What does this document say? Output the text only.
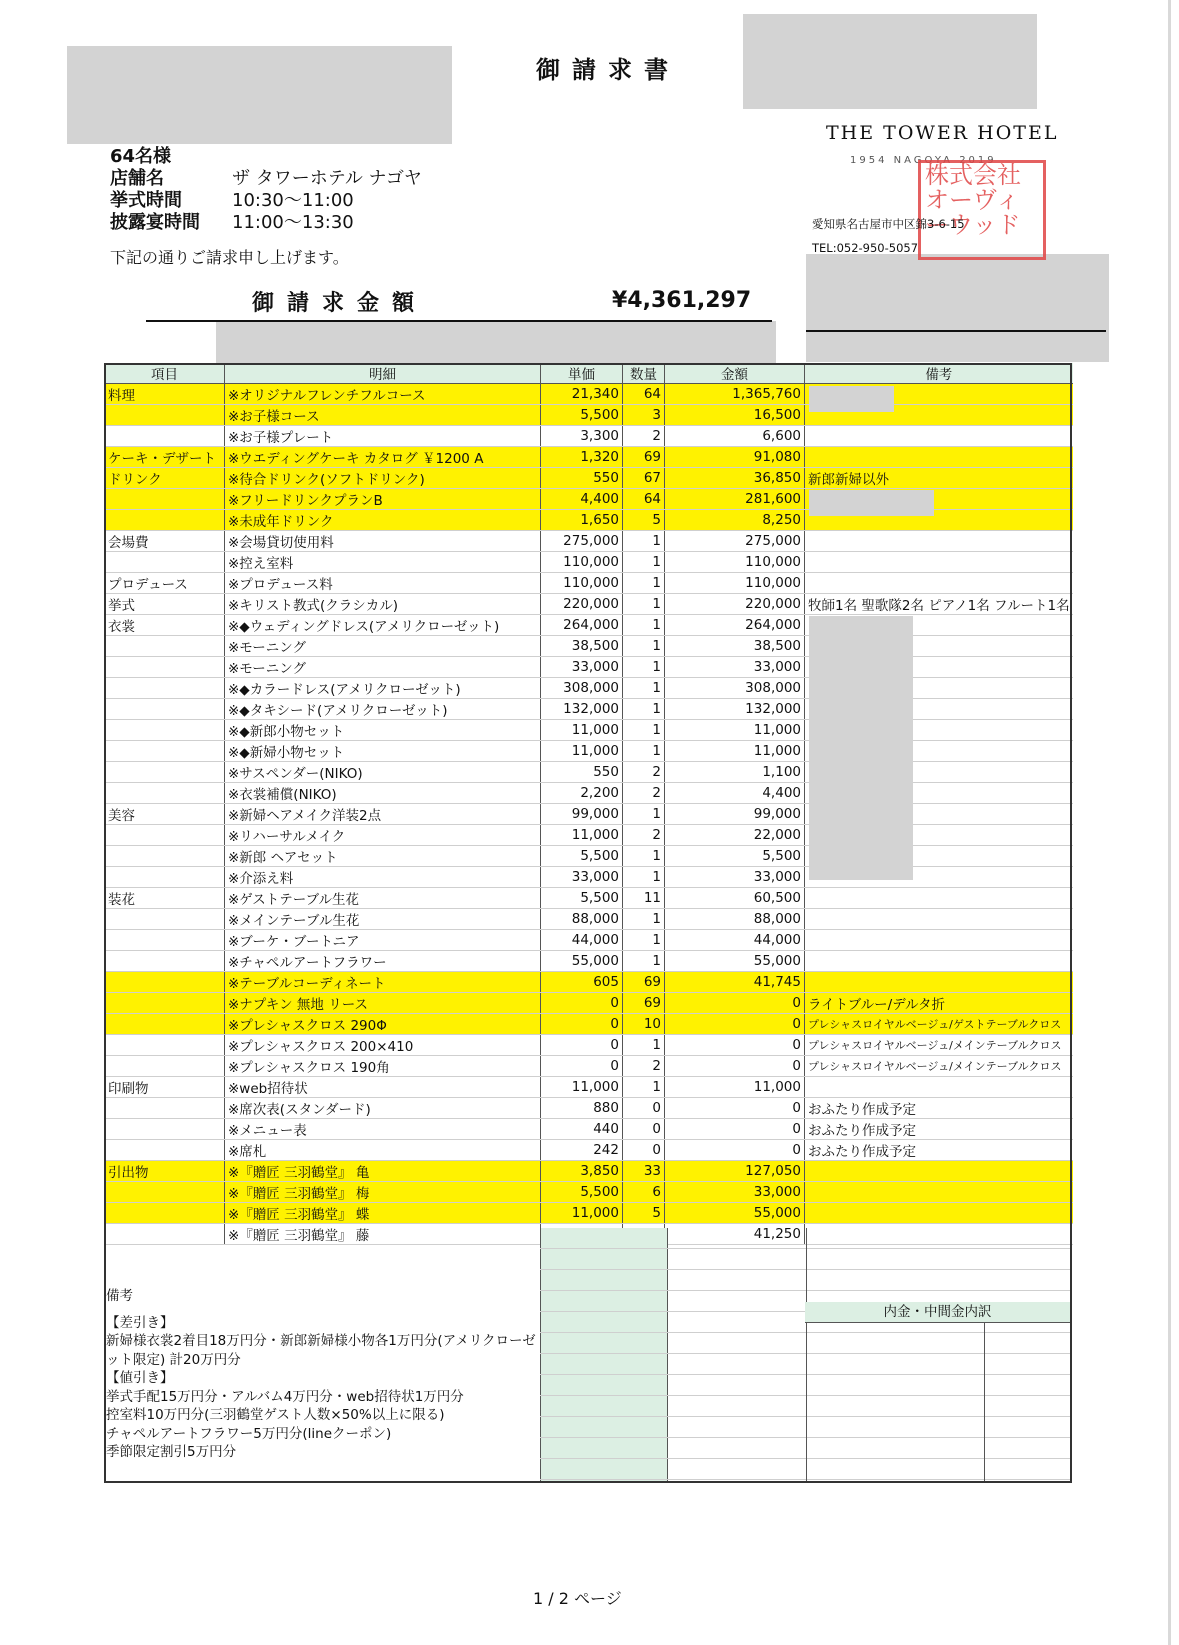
御請求書
64名様
店舗名	ザ タワーホテル ナゴヤ
挙式時間	10:30～11:00
披露宴時間	11:00～13:30
下記の通りご請求申し上げます。
THE TOWER HOTEL
1954 NAGOYA 2019
株式会社オーヴィーウッド
愛知県名古屋市中区錦3-6-15
TEL:052-950-5057
御請求金額	¥4,361,297
項目	明細	単価	数量	金額	備考
料理	※オリジナルフレンチフルコース	21,340	64	1,365,760	
	※お子様コース	5,500	3	16,500	
	※お子様プレート	3,300	2	6,600	
ケーキ・デザート	※ウエディングケーキ カタログ ￥1200 A	1,320	69	91,080	
ドリンク	※待合ドリンク(ソフトドリンク)	550	67	36,850	新郎新婦以外
	※フリードリンクプランB	4,400	64	281,600	
	※未成年ドリンク	1,650	5	8,250	
会場費	※会場貸切使用料	275,000	1	275,000	
	※控え室料	110,000	1	110,000	
プロデュース	※プロデュース料	110,000	1	110,000	
挙式	※キリスト教式(クラシカル)	220,000	1	220,000	牧師1名 聖歌隊2名 ピアノ1名 フルート1名
衣裳	※◆ウェディングドレス(アメリクローゼット)	264,000	1	264,000	
	※モーニング	38,500	1	38,500	
	※モーニング	33,000	1	33,000	
	※◆カラードレス(アメリクローゼット)	308,000	1	308,000	
	※◆タキシード(アメリクローゼット)	132,000	1	132,000	
	※◆新郎小物セット	11,000	1	11,000	
	※◆新婦小物セット	11,000	1	11,000	
	※サスペンダー(NIKO)	550	2	1,100	
	※衣裳補償(NIKO)	2,200	2	4,400	
美容	※新婦ヘアメイク洋装2点	99,000	1	99,000	
	※リハーサルメイク	11,000	2	22,000	
	※新郎 ヘアセット	5,500	1	5,500	
	※介添え料	33,000	1	33,000	
装花	※ゲストテーブル生花	5,500	11	60,500	
	※メインテーブル生花	88,000	1	88,000	
	※ブーケ・ブートニア	44,000	1	44,000	
	※チャペルアートフラワー	55,000	1	55,000	
	※テーブルコーディネート	605	69	41,745	
	※ナプキン 無地 リース	0	69	0	ライトブルー/デルタ折
	※プレシャスクロス 290Φ	0	10	0	プレシャスロイヤルベージュ/ゲストテーブルクロス
	※プレシャスクロス 200×410	0	1	0	プレシャスロイヤルベージュ/メインテーブルクロス
	※プレシャスクロス 190角	0	2	0	プレシャスロイヤルベージュ/メインテーブルクロス
印刷物	※web招待状	11,000	1	11,000	
	※席次表(スタンダード)	880	0	0	おふたり作成予定
	※メニュー表	440	0	0	おふたり作成予定
	※席札	242	0	0	おふたり作成予定
引出物	※『贈匠 三羽鶴堂』 亀	3,850	33	127,050	
	※『贈匠 三羽鶴堂』 梅	5,500	6	33,000	
	※『贈匠 三羽鶴堂』 蝶	11,000	5	55,000	
	※『贈匠 三羽鶴堂』 藤			41,250	
内金・中間金内訳
備考
【差引き】
新婦様衣裳2着目18万円分・新郎新婦様小物各1万円分(アメリクローゼット限定) 計20万円分
【値引き】
挙式手配15万円分・アルバム4万円分・web招待状1万円分
控室料10万円分(三羽鶴堂ゲスト人数×50%以上に限る)
チャペルアートフラワー5万円分(lineクーポン)
季節限定割引5万円分
1 / 2 ページ
